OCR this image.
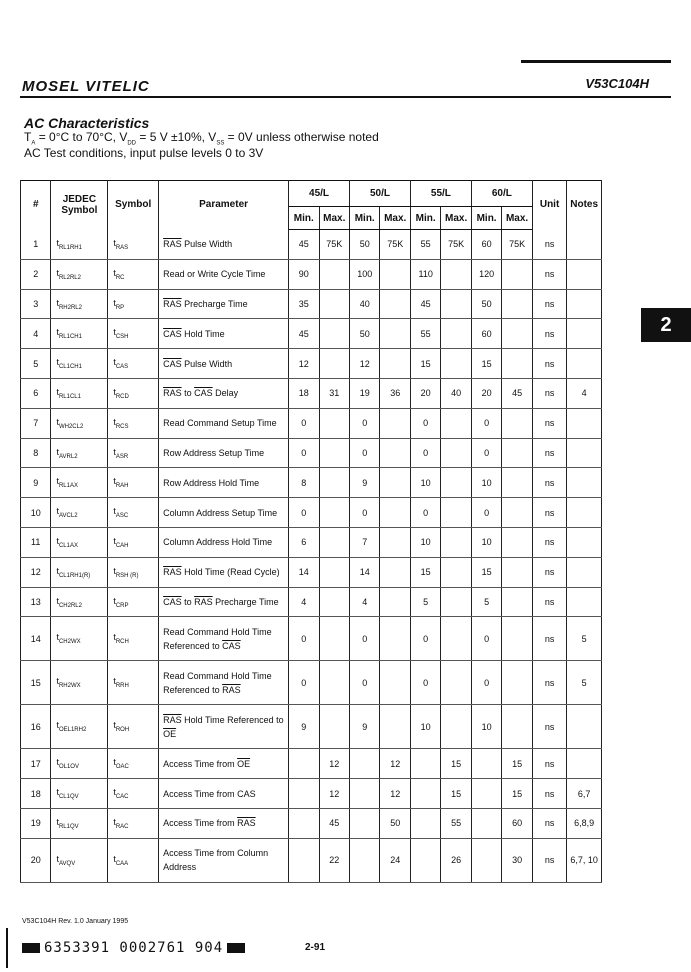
MOSEL VITELIC	V53C104H
AC Characteristics
$T_A = 0^\circ C$ to 70°C, $V_{DD} = 5$ V ±10%, $V_{SS} = 0V$ unless otherwise noted
AC Test conditions, input pulse levels 0 to 3V
2
#	JEDEC Symbol	Symbol	Parameter	45/L		50/L		55/L		60/L		Unit	Notes
				Min.	Max.	Min.	Max.	Min.	Max.	Min.	Max.		
1	$t_{RL1RH1}$	$t_{RAS}$	$\overline{RAS}$ Pulse Width	45	75K	50	75K	55	75K	60	75K	ns	
2	$t_{RL2RL2}$	$t_{RC}$	Read or Write Cycle Time	90		100		110		120		ns	
3	$t_{RH2RL2}$	$t_{RP}$	$\overline{RAS}$ Precharge Time	35		40		45		50		ns	
4	$t_{RL1CH1}$	$t_{CSH}$	$\overline{CAS}$ Hold Time	45		50		55		60		ns	
5	$t_{CL1CH1}$	$t_{CAS}$	$\overline{CAS}$ Pulse Width	12		12		15		15		ns	
6	$t_{RL1CL1}$	$t_{RCD}$	$\overline{RAS}$ to $\overline{CAS}$ Delay	18	31	19	36	20	40	20	45	ns	4
7	$t_{WH2CL2}$	$t_{RCS}$	Read Command Setup Time	0		0		0		0		ns	
8	$t_{AVRL2}$	$t_{ASR}$	Row Address Setup Time	0		0		0		0		ns	
9	$t_{RL1AX}$	$t_{RAH}$	Row Address Hold Time	8		9		10		10		ns	
10	$t_{AVCL2}$	$t_{ASC}$	Column Address Setup Time	0		0		0		0		ns	
11	$t_{CL1AX}$	$t_{CAH}$	Column Address Hold Time	6		7		10		10		ns	
12	$t_{CL1RH1(R)}$	$t_{RSH (R)}$	$\overline{RAS}$ Hold Time (Read Cycle)	14		14		15		15		ns	
13	$t_{CH2RL2}$	$t_{CRP}$	$\overline{CAS}$ to $\overline{RAS}$ Precharge Time	4		4		5		5		ns	
14	$t_{CH2WX}$	$t_{RCH}$	Read Command Hold Time Referenced to $\overline{CAS}$	0		0		0		0		ns	5
15	$t_{RH2WX}$	$t_{RRH}$	Read Command Hold Time Referenced to $\overline{RAS}$	0		0		0		0		ns	5
16	$t_{OEL1RH2}$	$t_{ROH}$	$\overline{RAS}$ Hold Time Referenced to $\overline{OE}$	9		9		10		10		ns	
17	$t_{OL1OV}$	$t_{OAC}$	Access Time from $\overline{OE}$		12		12		15		15	ns	
18	$t_{CL1QV}$	$t_{CAC}$	Access Time from CAS		12		12		15		15	ns	6,7
19	$t_{RL1QV}$	$t_{RAC}$	Access Time from $\overline{RAS}$		45		50		55		60	ns	6,8,9
20	$t_{AVQV}$	$t_{CAA}$	Access Time from Column Address		22		24		26		30	ns	6,7, 10
V53C104H Rev. 1.0 January 1995
6353391 0002761 904	2-91
